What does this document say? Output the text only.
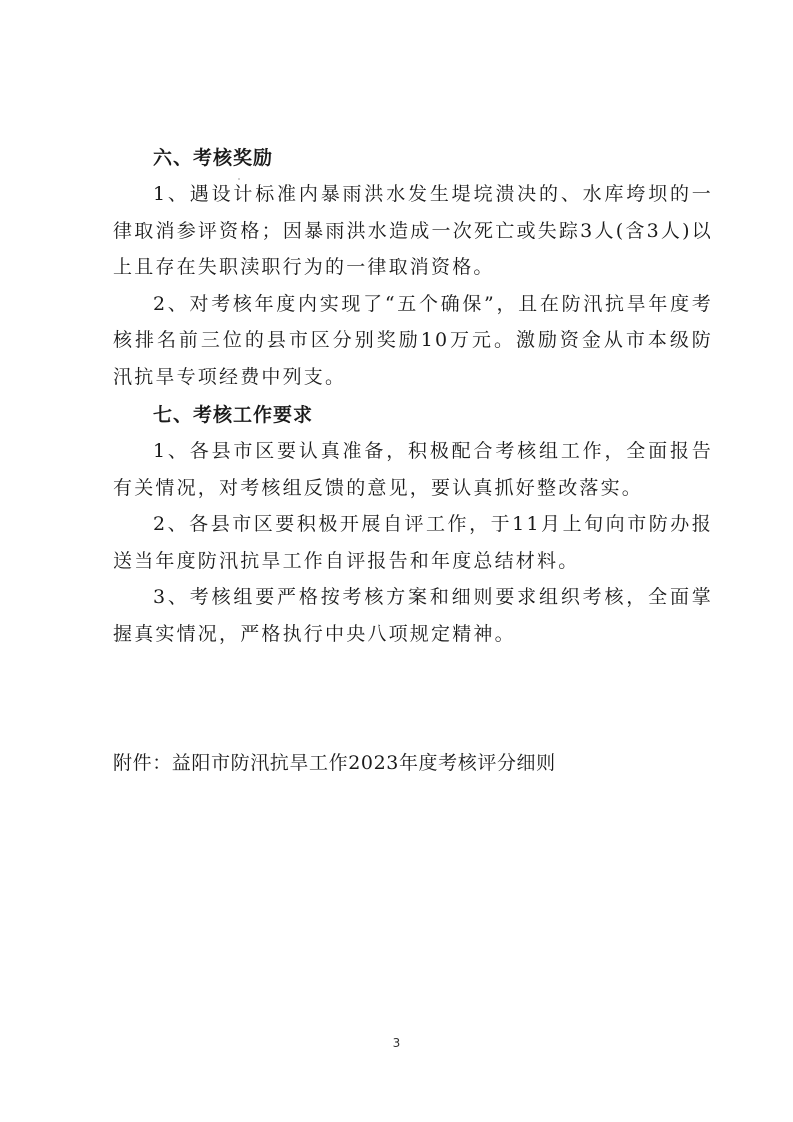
六、考核奖励

1、遇设计标准内暴雨洪水发生堤垸溃决的、水库垮坝的一律取消参评资格；因暴雨洪水造成一次死亡或失踪3人(含3人)以上且存在失职渎职行为的一律取消资格。

2、对考核年度内实现了“五个确保”，且在防汛抗旱年度考核排名前三位的县市区分别奖励10万元。激励资金从市本级防汛抗旱专项经费中列支。

七、考核工作要求

1、各县市区要认真准备，积极配合考核组工作，全面报告有关情况，对考核组反馈的意见，要认真抓好整改落实。

2、各县市区要积极开展自评工作，于11月上旬向市防办报送当年度防汛抗旱工作自评报告和年度总结材料。

3、考核组要严格按考核方案和细则要求组织考核，全面掌握真实情况，严格执行中央八项规定精神。

附件：益阳市防汛抗旱工作2023年度考核评分细则

3
